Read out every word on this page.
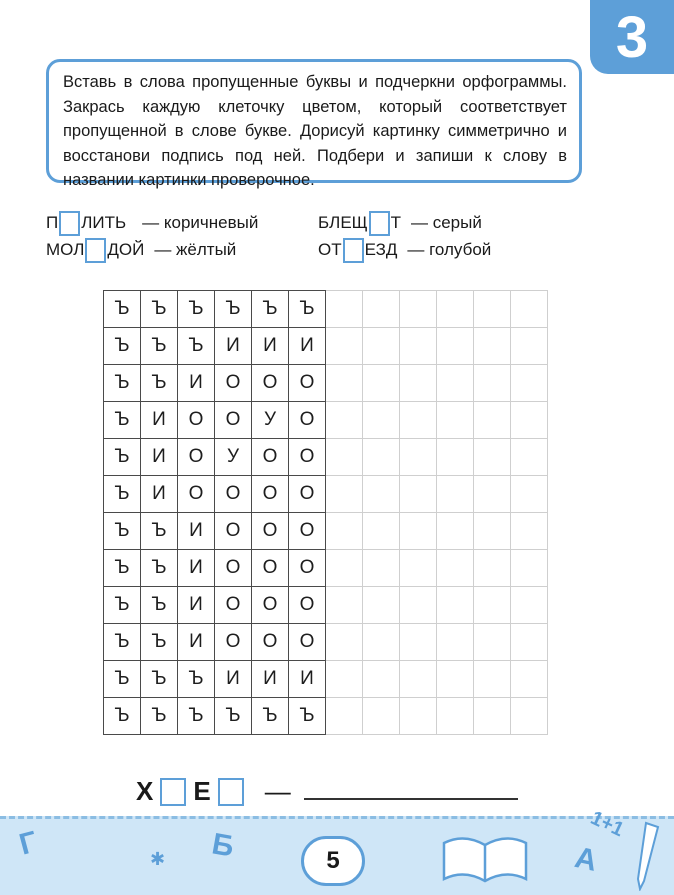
3
Вставь в слова пропущенные буквы и подчеркни орфограммы. Закрась каждую клеточку цветом, который соответствует пропущенной в слове букве. Дорисуй картинку симметрично и восстанови подпись под ней. Подбери и запиши к слову в названии картинки проверочное.
П ЛИТЬ — коричневый
МОЛ ДОЙ — жёлтый
БЛЕЩ Т — серый
ОТ ЕЗД — голубой
Ъ	Ъ	Ъ	Ъ	Ъ	Ъ						
Ъ	Ъ	Ъ	И	И	И						
Ъ	Ъ	И	О	О	О						
Ъ	И	О	О	У	О						
Ъ	И	О	У	О	О						
Ъ	И	О	О	О	О						
Ъ	Ъ	И	О	О	О						
Ъ	Ъ	И	О	О	О						
Ъ	Ъ	И	О	О	О						
Ъ	Ъ	И	О	О	О						
Ъ	Ъ	Ъ	И	И	И						
Ъ	Ъ	Ъ	Ъ	Ъ	Ъ						
Х Е —
Г	Б
✱	А
1+1
5
